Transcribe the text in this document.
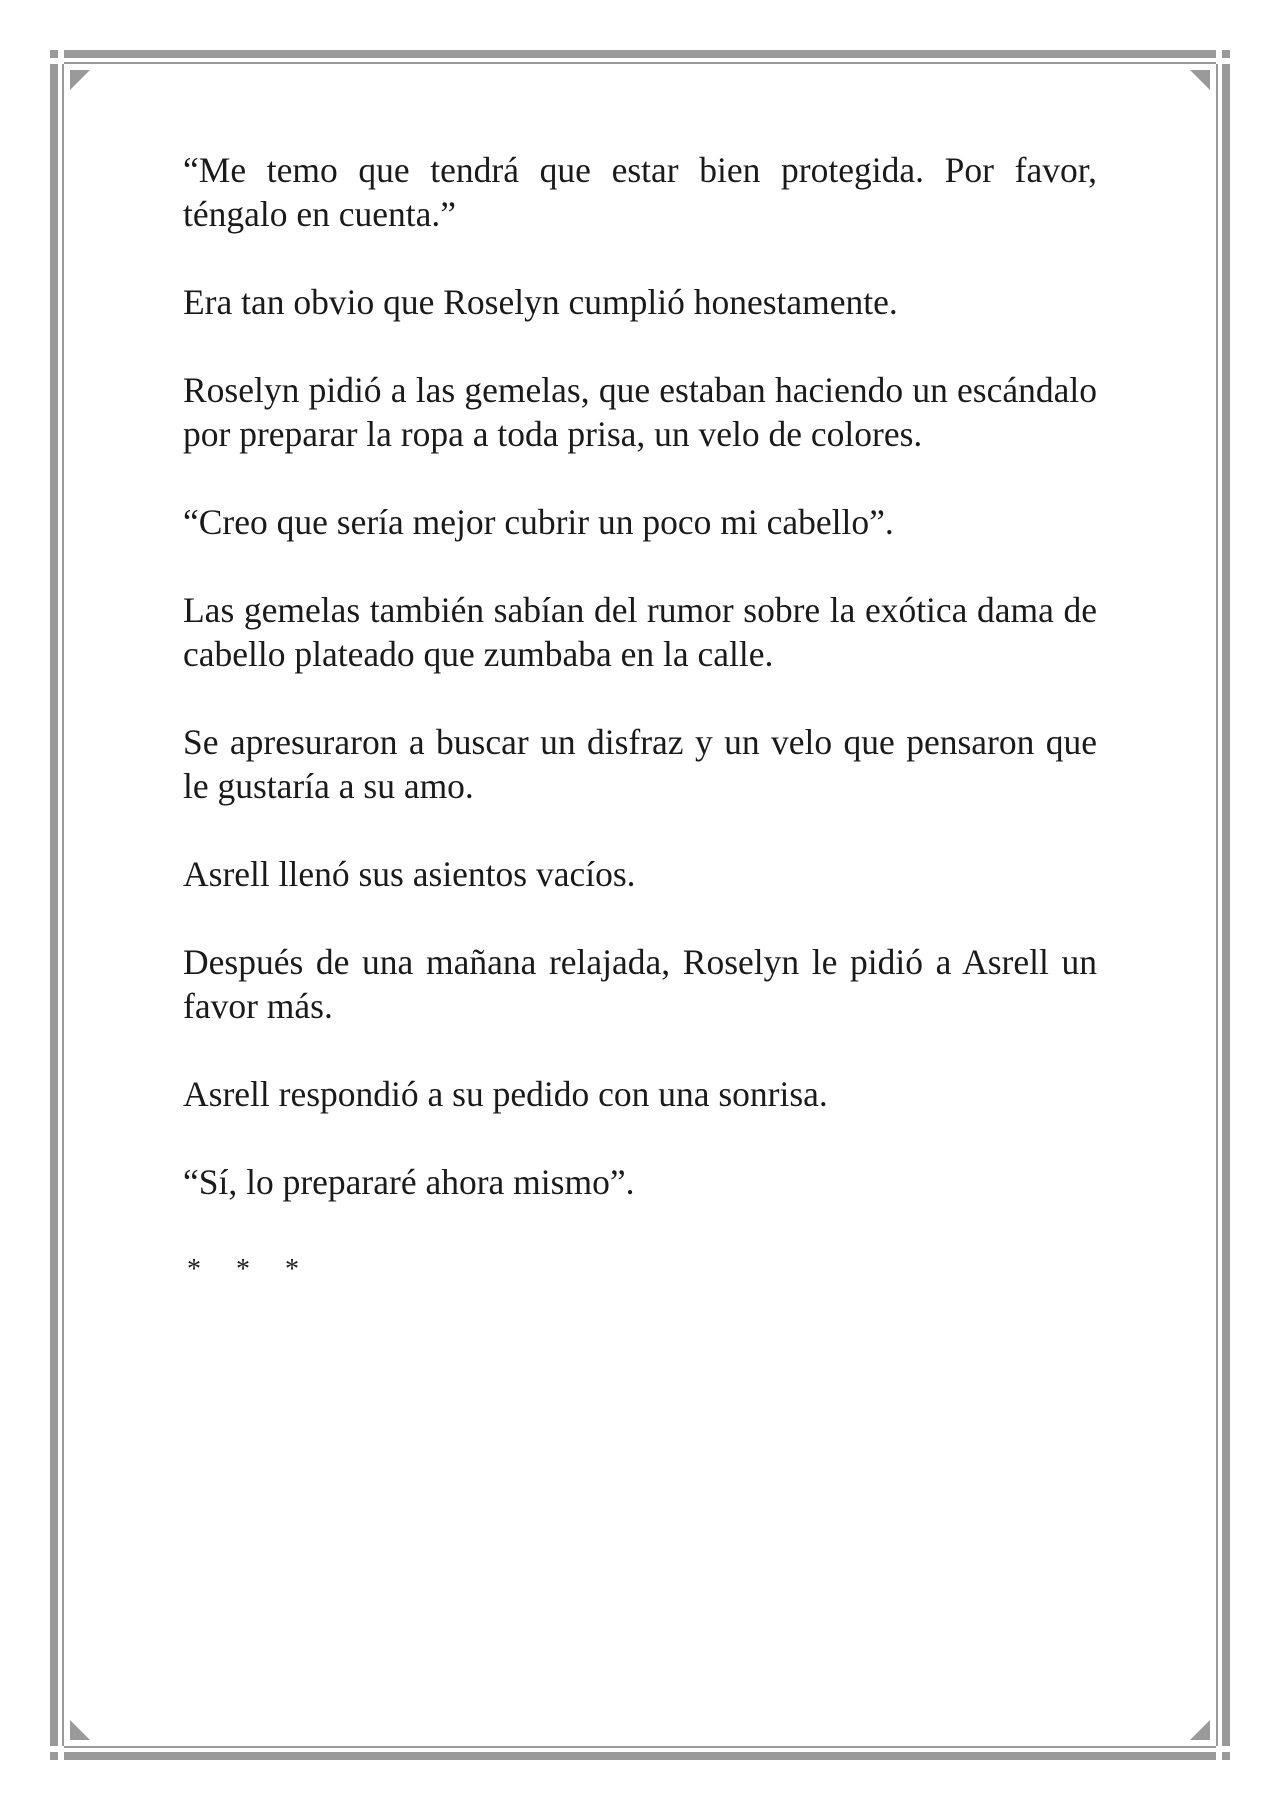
“Me temo que tendrá que estar bien protegida. Por favor, téngalo en cuenta.”

Era tan obvio que Roselyn cumplió honestamente.

Roselyn pidió a las gemelas, que estaban haciendo un escándalo por preparar la ropa a toda prisa, un velo de colores.

“Creo que sería mejor cubrir un poco mi cabello”.

Las gemelas también sabían del rumor sobre la exótica dama de cabello plateado que zumbaba en la calle.

Se apresuraron a buscar un disfraz y un velo que pensaron que le gustaría a su amo.

Asrell llenó sus asientos vacíos.

Después de una mañana relajada, Roselyn le pidió a Asrell un favor más.

Asrell respondió a su pedido con una sonrisa.

“Sí, lo prepararé ahora mismo”.

* * *
